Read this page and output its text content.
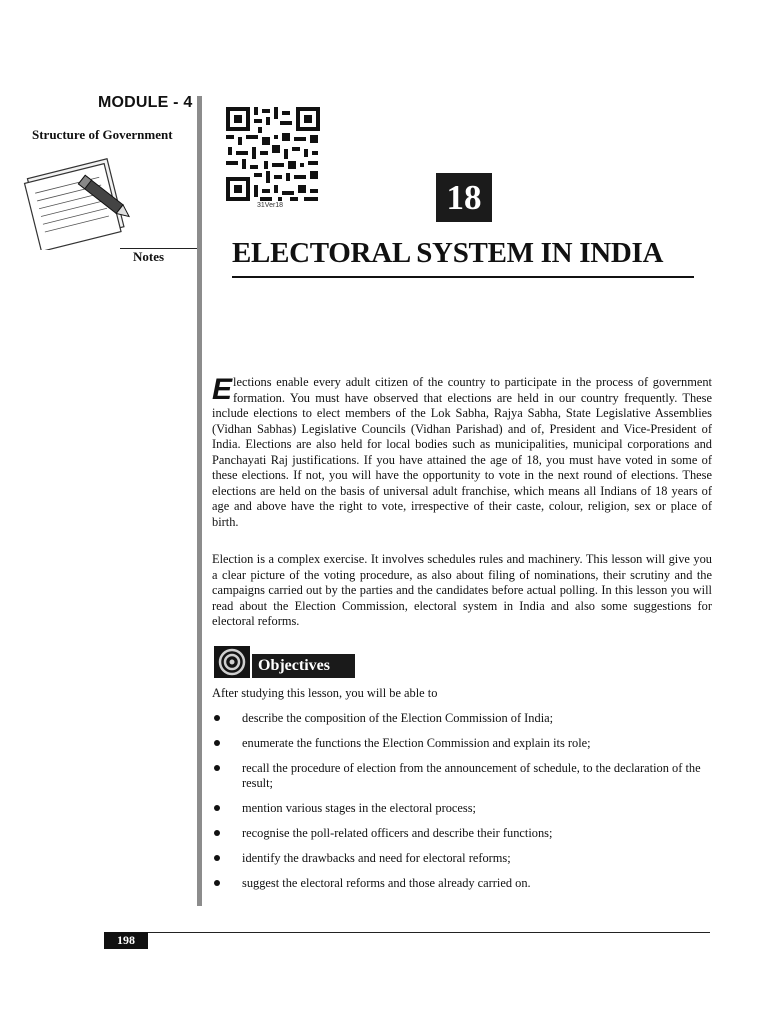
MODULE - 4
Structure of Government
Notes
31Ver18	18
ELECTORAL SYSTEM IN INDIA
Elections enable every adult citizen of the country to participate in the process of government formation. You must have observed that elections are held in our country frequently. These include elections to elect members of the Lok Sabha, Rajya Sabha, State Legislative Assemblies (Vidhan Sabhas) Legislative Councils (Vidhan Parishad) and of, President and Vice-President of India. Elections are also held for local bodies such as municipalities, municipal corporations and Panchayati Raj justifications. If you have attained the age of 18, you must have voted in some of these elections. If not, you will have the opportunity to vote in the next round of elections. These elections are held on the basis of universal adult franchise, which means all Indians of 18 years of age and above have the right to vote, irrespective of their caste, colour, religion, sex or place of birth.
Election is a complex exercise. It involves schedules rules and machinery. This lesson will give you a clear picture of the voting procedure, as also about filing of nominations, their scrutiny and the campaigns carried out by the parties and the candidates before actual polling. In this lesson you will read about the Election Commission, electoral system in India and also some suggestions for electoral reforms.
Objectives
After studying this lesson, you will be able to
describe the composition of the Election Commission of India;
enumerate the functions the Election Commission and explain its role;
recall the procedure of election from the announcement of schedule, to the declaration of the result;
mention various stages in the electoral process;
recognise the poll-related officers and describe their functions;
identify the drawbacks and need for electoral reforms;
suggest the electoral reforms and those already carried on.
198
